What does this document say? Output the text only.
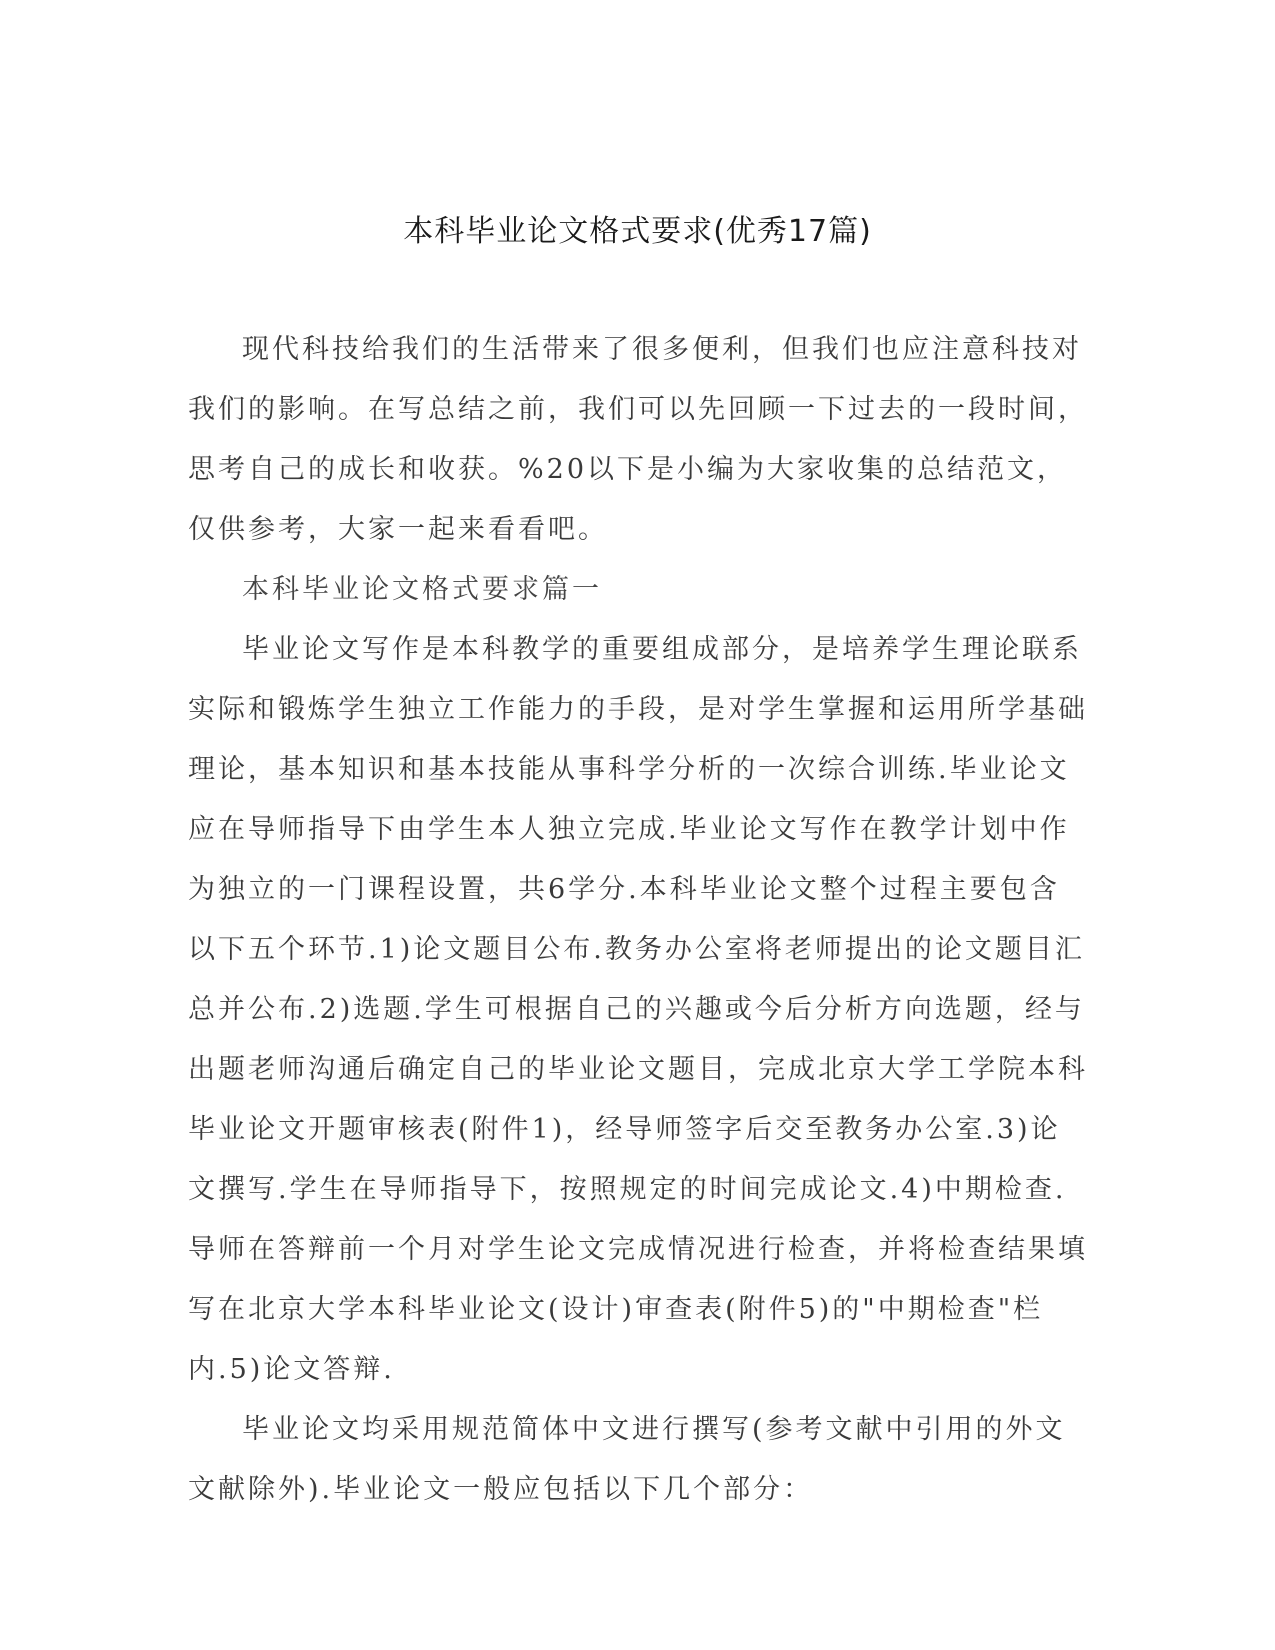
本科毕业论文格式要求(优秀17篇)

现代科技给我们的生活带来了很多便利，但我们也应注意科技对我们的影响。在写总结之前，我们可以先回顾一下过去的一段时间，思考自己的成长和收获。%20以下是小编为大家收集的总结范文，仅供参考，大家一起来看看吧。

本科毕业论文格式要求篇一

毕业论文写作是本科教学的重要组成部分，是培养学生理论联系实际和锻炼学生独立工作能力的手段，是对学生掌握和运用所学基础理论，基本知识和基本技能从事科学分析的一次综合训练.毕业论文应在导师指导下由学生本人独立完成.毕业论文写作在教学计划中作为独立的一门课程设置，共6学分.本科毕业论文整个过程主要包含以下五个环节.1)论文题目公布.教务办公室将老师提出的论文题目汇总并公布.2)选题.学生可根据自己的兴趣或今后分析方向选题，经与出题老师沟通后确定自己的毕业论文题目，完成北京大学工学院本科毕业论文开题审核表(附件1)，经导师签字后交至教务办公室.3)论文撰写.学生在导师指导下，按照规定的时间完成论文.4)中期检查.导师在答辩前一个月对学生论文完成情况进行检查，并将检查结果填写在北京大学本科毕业论文(设计)审查表(附件5)的"中期检查"栏内.5)论文答辩.

毕业论文均采用规范简体中文进行撰写(参考文献中引用的外文文献除外).毕业论文一般应包括以下几个部分：
